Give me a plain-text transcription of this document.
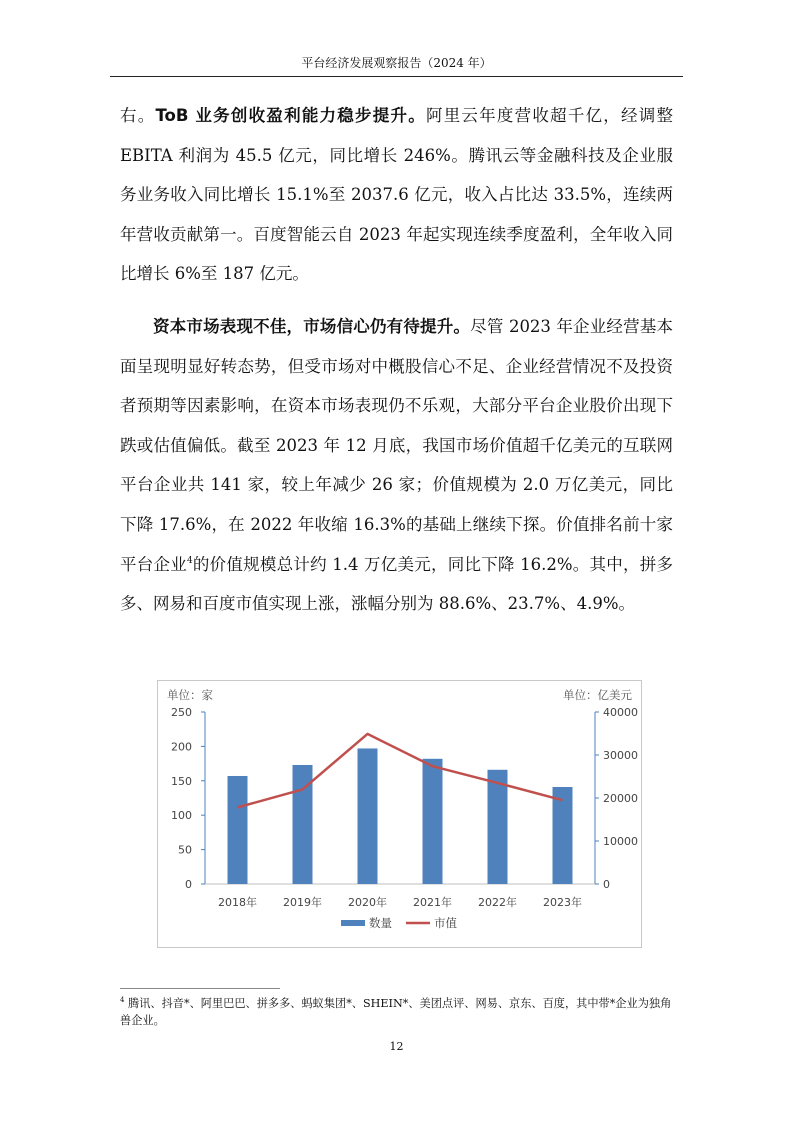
平台经济发展观察报告（2024 年）

右。ToB 业务创收盈利能力稳步提升。阿里云年度营收超千亿，经调整 EBITA 利润为 45.5 亿元，同比增长 246%。腾讯云等金融科技及企业服务业务收入同比增长 15.1%至 2037.6 亿元，收入占比达 33.5%，连续两年营收贡献第一。百度智能云自 2023 年起实现连续季度盈利，全年收入同比增长 6%至 187 亿元。

资本市场表现不佳，市场信心仍有待提升。尽管 2023 年企业经营基本面呈现明显好转态势，但受市场对中概股信心不足、企业经营情况不及投资者预期等因素影响，在资本市场表现仍不乐观，大部分平台企业股价出现下跌或估值偏低。截至 2023 年 12 月底，我国市场价值超千亿美元的互联网平台企业共 141 家，较上年减少 26 家；价值规模为 2.0 万亿美元，同比下降 17.6%，在 2022 年收缩 16.3%的基础上继续下探。价值排名前十家平台企业$^4$的价值规模总计约 1.4 万亿美元，同比下降 16.2%。其中，拼多多、网易和百度市值实现上涨，涨幅分别为 88.6%、23.7%、4.9%。

单位：家	单位：亿美元
0
50
100
150
200
250
0
10000
20000
30000
40000
2018年 2019年 2020年 2021年 2022年 2023年
数量	市值

$^4$ 腾讯、抖音*、阿里巴巴、拼多多、蚂蚁集团*、SHEIN*、美团点评、网易、京东、百度，其中带*企业为独角兽企业。

12
